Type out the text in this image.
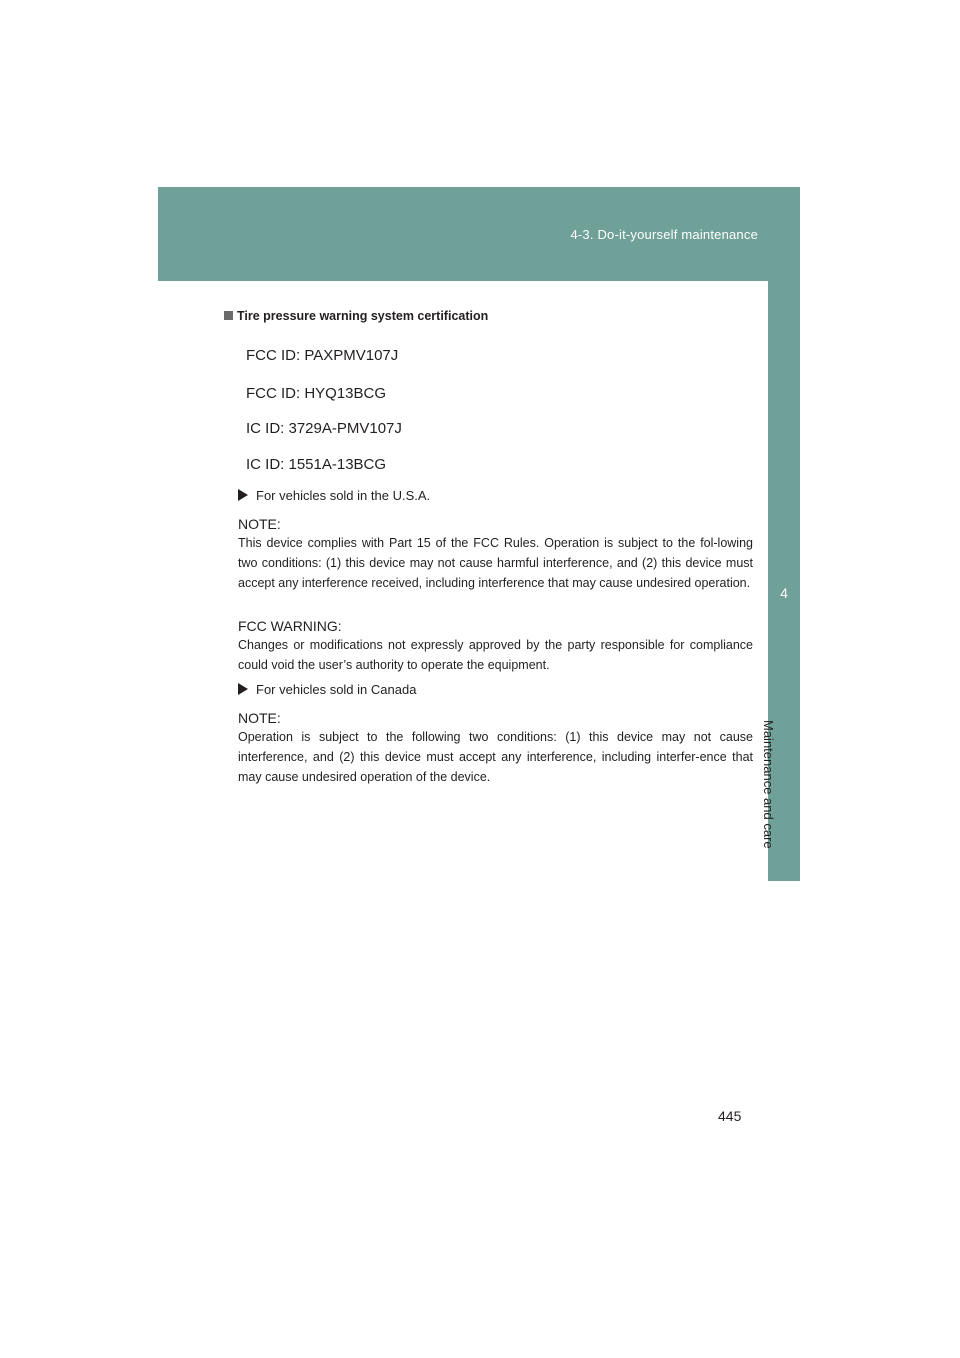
4-3. Do-it-yourself maintenance
4
Maintenance and care
Tire pressure warning system certification
FCC ID: PAXPMV107J
FCC ID: HYQ13BCG
IC ID: 3729A-PMV107J
IC ID: 1551A-13BCG
For vehicles sold in the U.S.A.
NOTE:
This device complies with Part 15 of the FCC Rules. Operation is subject to the fol-lowing two conditions: (1) this device may not cause harmful interference, and (2) this device must accept any interference received, including interference that may cause undesired operation.
FCC WARNING:
Changes or modifications not expressly approved by the party responsible for compliance could void the user’s authority to operate the equipment.
For vehicles sold in Canada
NOTE:
Operation is subject to the following two conditions: (1) this device may not cause interference, and (2) this device must accept any interference, including interfer-ence that may cause undesired operation of the device.
445
